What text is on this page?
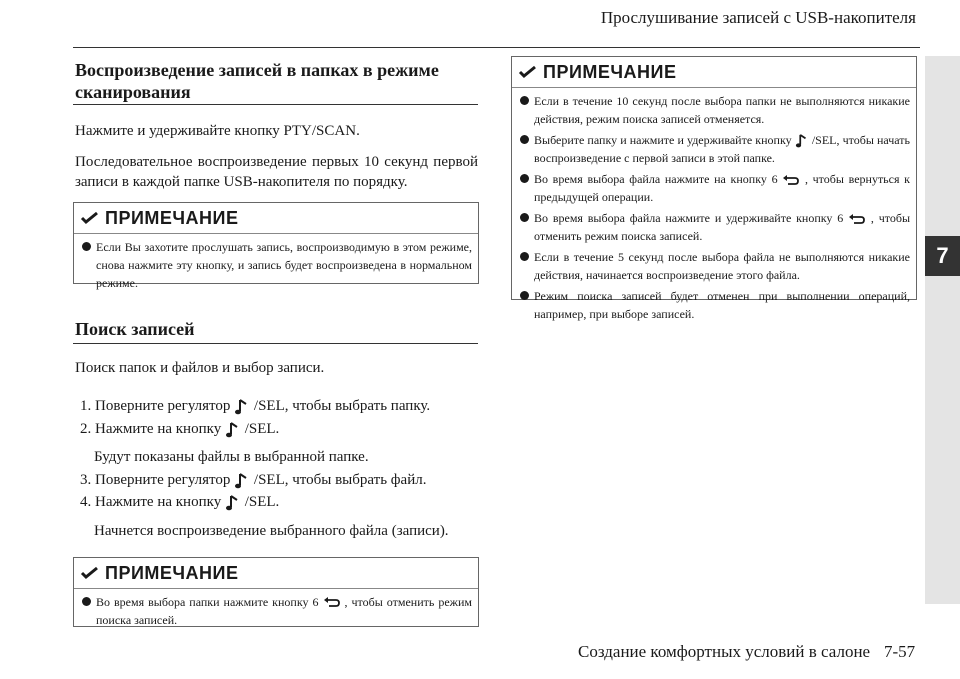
Прослушивание записей с USB-накопителя
7
Воспроизведение записей в папках в режиме
сканирования
Нажмите и удерживайте кнопку PTY/SCAN.
Последовательное воспроизведение первых 10 секунд первой записи в каждой папке USB-накопителя по порядку.
ПРИМЕЧАНИЕ
Если Вы захотите прослушать запись, воспроизводимую в этом режиме, снова нажмите эту кнопку, и запись будет воспроизведена в нормальном режиме.
Поиск записей
Поиск папок и файлов и выбор записи.
1. Поверните регулятор /SEL, чтобы выбрать папку.
2. Нажмите на кнопку /SEL.
Будут показаны файлы в выбранной папке.
3. Поверните регулятор /SEL, чтобы выбрать файл.
4. Нажмите на кнопку /SEL.
Начнется воспроизведение выбранного файла (записи).
ПРИМЕЧАНИЕ
Во время выбора папки нажмите кнопку 6 , чтобы отменить режим поиска записей.
ПРИМЕЧАНИЕ
Если в течение 10 секунд после выбора папки не выполняются никакие действия, режим поиска записей отменяется.
Выберите папку и нажмите и удерживайте кнопку /SEL, чтобы начать воспроизведение с первой записи в этой папке.
Во время выбора файла нажмите на кнопку 6 , чтобы вернуться к предыдущей операции.
Во время выбора файла нажмите и удерживайте кнопку 6 , чтобы отменить режим поиска записей.
Если в течение 5 секунд после выбора файла не выполняются никакие действия, начинается воспроизведение этого файла.
Режим поиска записей будет отменен при выполнении операций, например, при выборе записей.
Создание комфортных условий в салоне 7-57
